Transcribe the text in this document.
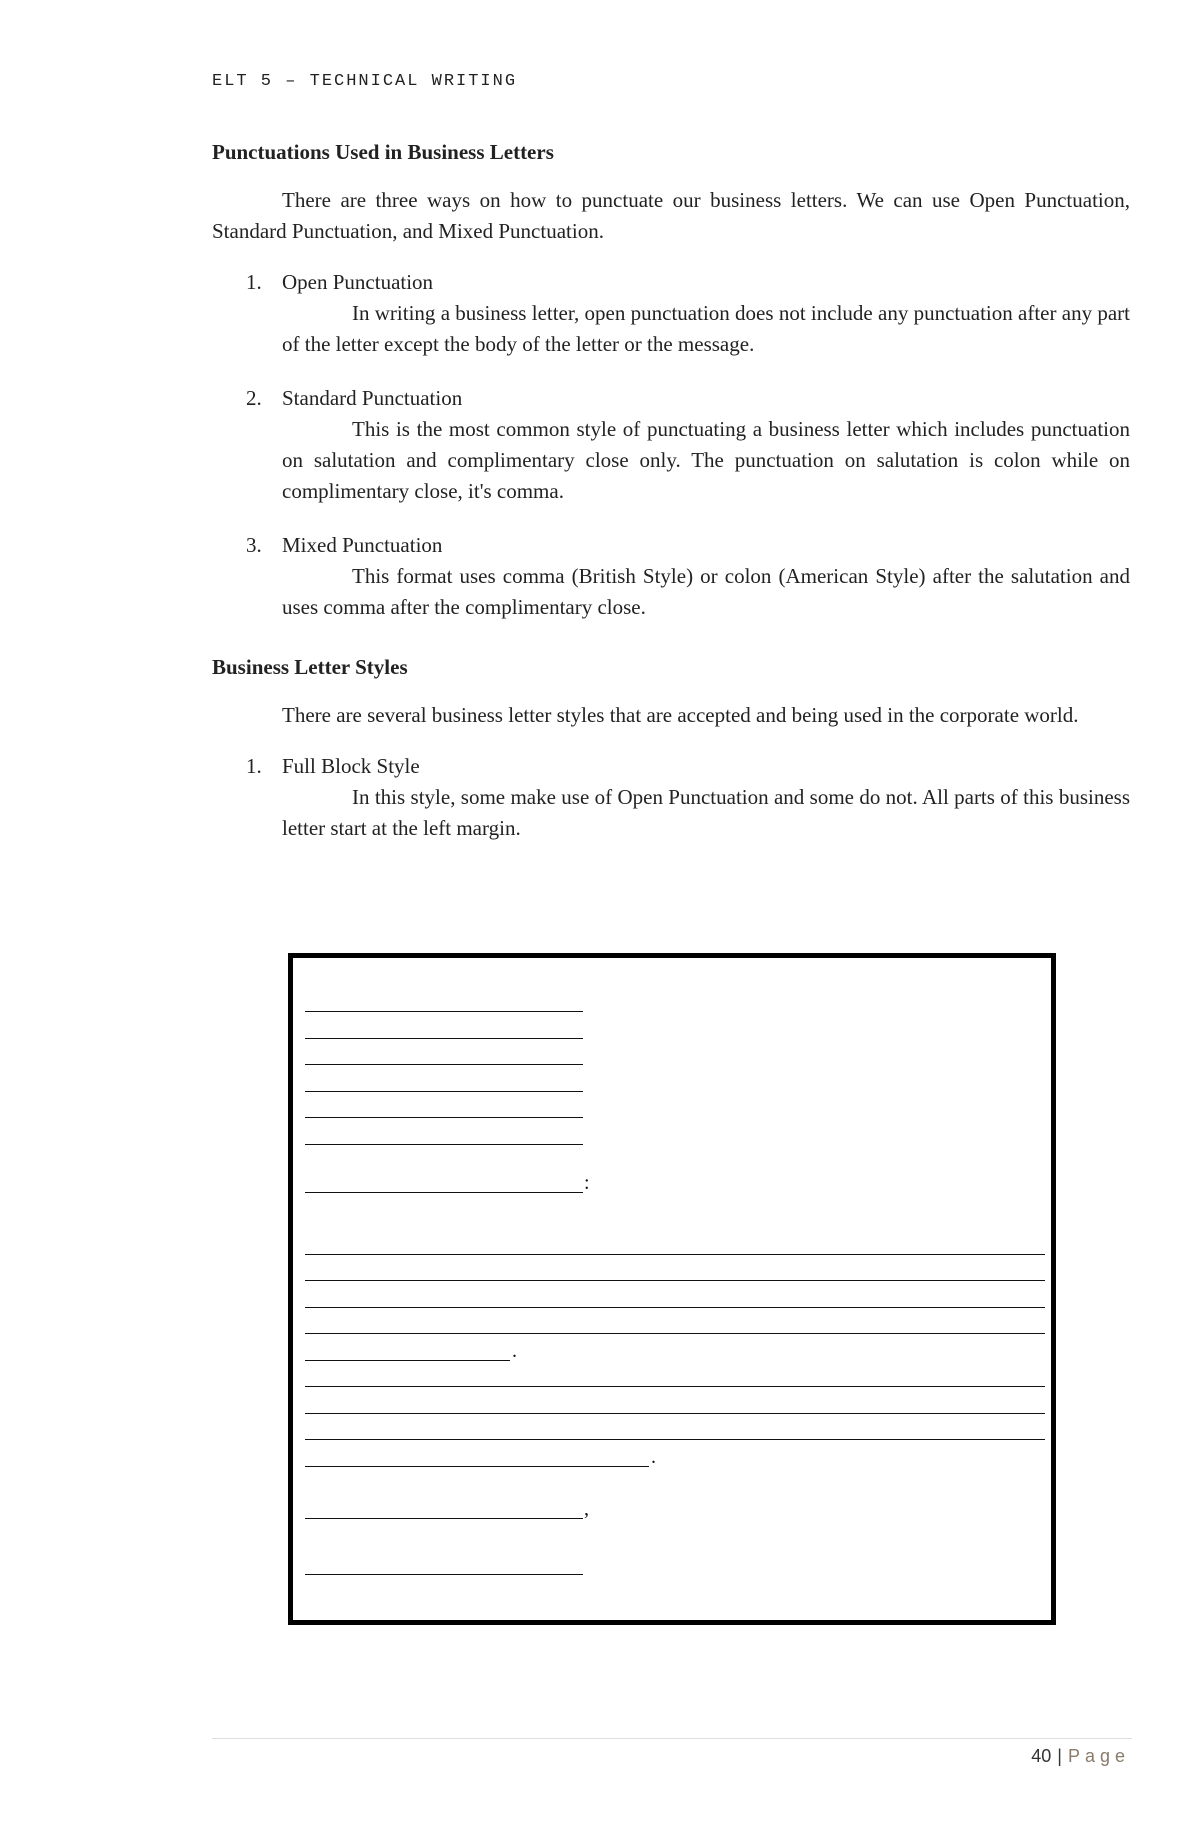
ELT 5 – TECHNICAL WRITING
Punctuations Used in Business Letters

There are three ways on how to punctuate our business letters. We can use Open Punctuation, Standard Punctuation, and Mixed Punctuation.

1. Open Punctuation

In writing a business letter, open punctuation does not include any punctuation after any part of the letter except the body of the letter or the message.

2. Standard Punctuation

This is the most common style of punctuating a business letter which includes punctuation on salutation and complimentary close only. The punctuation on salutation is colon while on complimentary close, it's comma.

3. Mixed Punctuation

This format uses comma (British Style) or colon (American Style) after the salutation and uses comma after the complimentary close.

Business Letter Styles

There are several business letter styles that are accepted and being used in the corporate world.

1. Full Block Style

In this style, some make use of Open Punctuation and some do not. All parts of this business letter start at the left margin.

:
.
.
,
40 | Page
